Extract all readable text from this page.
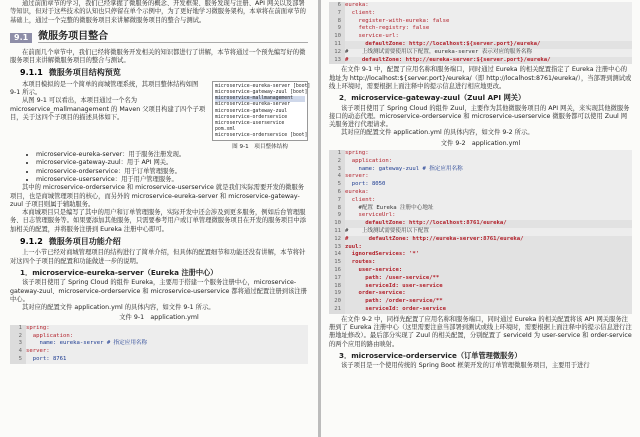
通过前面章节的学习，我们已经掌握了微服务的概念、开发框架、服务发现与注册、API 网关以及部署等知识，但对于这些技术的认知也只停留在单个示例中，为了更好地学习微服务架构，本章将在前面章节的基础上，通过一个完整的微服务项目来讲解微服务项目的整合与测试。

9.1	微服务项目整合

在前面几个章节中，我们已经将微服务开发相关的知识都进行了讲解，本节将通过一个预先编写好的微服务项目来讲解微服务项目的整合与测试。

9.1.1 微服务项目结构预览

本项目模拟的是一个简单的商城管理系统，其项目整体结构如图 9-1 所示。

从图 9-1 可以看出，本项目通过一个名为 microservice_mallmanagement 的 Maven 父项目构建了四个子项目，关于这四个子项目的描述具体如下。

microservice-eureka-server [boot]
microservice-gateway-zuul [boot]
microservice-mallmanagement
microservice-eureka-server
microservice-gateway-zuul
microservice-orderservice
microservice-userservice
pom.xml
microservice-orderservice [boot]
图 9-1　项目整体结构
• microservice-eureka-server：用于服务注册发现。
• microservice-gateway-zuul：用于 API 网关。
• microservice-orderservice：用于订单管理服务。
• microservice-userservice：用于用户管理服务。

其中的 microservice-orderservice 和 microservice-userservice 就是我们实际需要开发的微服务项目，也是商城管理项目的核心，而另外的 microservice-eureka-server 和 microservice-gateway-zuul 子项目则属于辅助服务。

本商城项目只是编写了其中的用户和订单管理服务，实际开发中还会涉及到更多服务，例如后台管理服务、日志管理服务等。如果要添加其他服务，只需要参考用户或订单管理微服务项目在开发的服务项目中添加相关的配置，并将服务注册到 Eureka 注册中心即可。

9.1.2 微服务项目功能介绍

上一小节已经对商城管理项目的结构进行了简单介绍，但具体的配置细节和功能还没有讲解，本节将针对这四个子项目的配置和功能做进一步的说明。

1．microservice-eureka-server（Eureka 注册中心）

该子项目使用了 Spring Cloud 的组件 Eureka，主要用于搭建一个服务注册中心，microservice-gateway-zuul、microservice-orderservice 和 microservice-userservice 都将通过配置注册到该注册中心。

其对应的配置文件 application.yml 的具体内容，如文件 9-1 所示。

文件 9-1　application.yml
1 spring:
2 application:
3 name: eureka-server # 指定应用名称
4 server:
5 port: 8761
6 eureka:
7 client:
8 register-with-eureka: false
9 fetch-registry: false
10 service-url:
11 defaultZone: http://localhost:${server.port}/eureka/
12 #    上线测试需要使用以下配置，eureka-server 表示对应的服务名称
13 #    defaultZone: http://eureka-server:${server.port}/eureka/

在文件 9-1 中，配置了应用名称和服务端口，同时通过 Eureka 的相关配置指定了 Eureka 注册中心的地址为 http://localhost:${server.port}/eureka/（即 http://localhost:8761/eureka/），当部署到测试或线上环境时，需要根据上面注释中的提示信息进行相应地更改。

2．microservice-gateway-zuul（Zuul API 网关）

该子项目使用了 Spring Cloud 的组件 Zuul，主要作为其他微服务项目的 API 网关，来实现其他微服务接口的动态代理。microservice-orderservice 和 microservice-userservice 微服务都可以使用 Zuul 网关服务进行代理请求。

其对应的配置文件 application.yml 的具体内容，如文件 9-2 所示。

文件 9-2　application.yml
1 spring:
2 application:
3 name: gateway-zuul # 指定应用名称
4 server:
5 port: 8050
6 eureka:
7 client:
8 #配置 Eureka 注册中心地址
9 serviceUrl:
10 defaultZone: http://localhost:8761/eureka/
11 #    上线测试需要使用以下配置
12 #      defaultZone: http://eureka-server:8761/eureka/
13 zuul:
14 ignoredServices: '*'
15 routes:
16 user-service:
17 path: /user-service/**
18 serviceId: user-service
19 order-service:
20 path: /order-service/**
21 serviceId: order-service

在文件 9-2 中，同样先配置了应用名称和服务端口，同时通过 Eureka 的相关配置将该 API 网关服务注册到了 Eureka 注册中心（这里需要注意当部署到测试或线上环境时，需要根据上面注释中的提示信息进行注册地址修改）。最后部分实现了 Zuul 的相关配置，分别配置了 serviceId 为 user-service 和 order-service 的两个应用的路由映射。

3．microservice-orderservice（订单管理微服务）

该子项目是一个使用传统的 Spring Boot 框架开发的订单管理微服务项目，主要用于进行
